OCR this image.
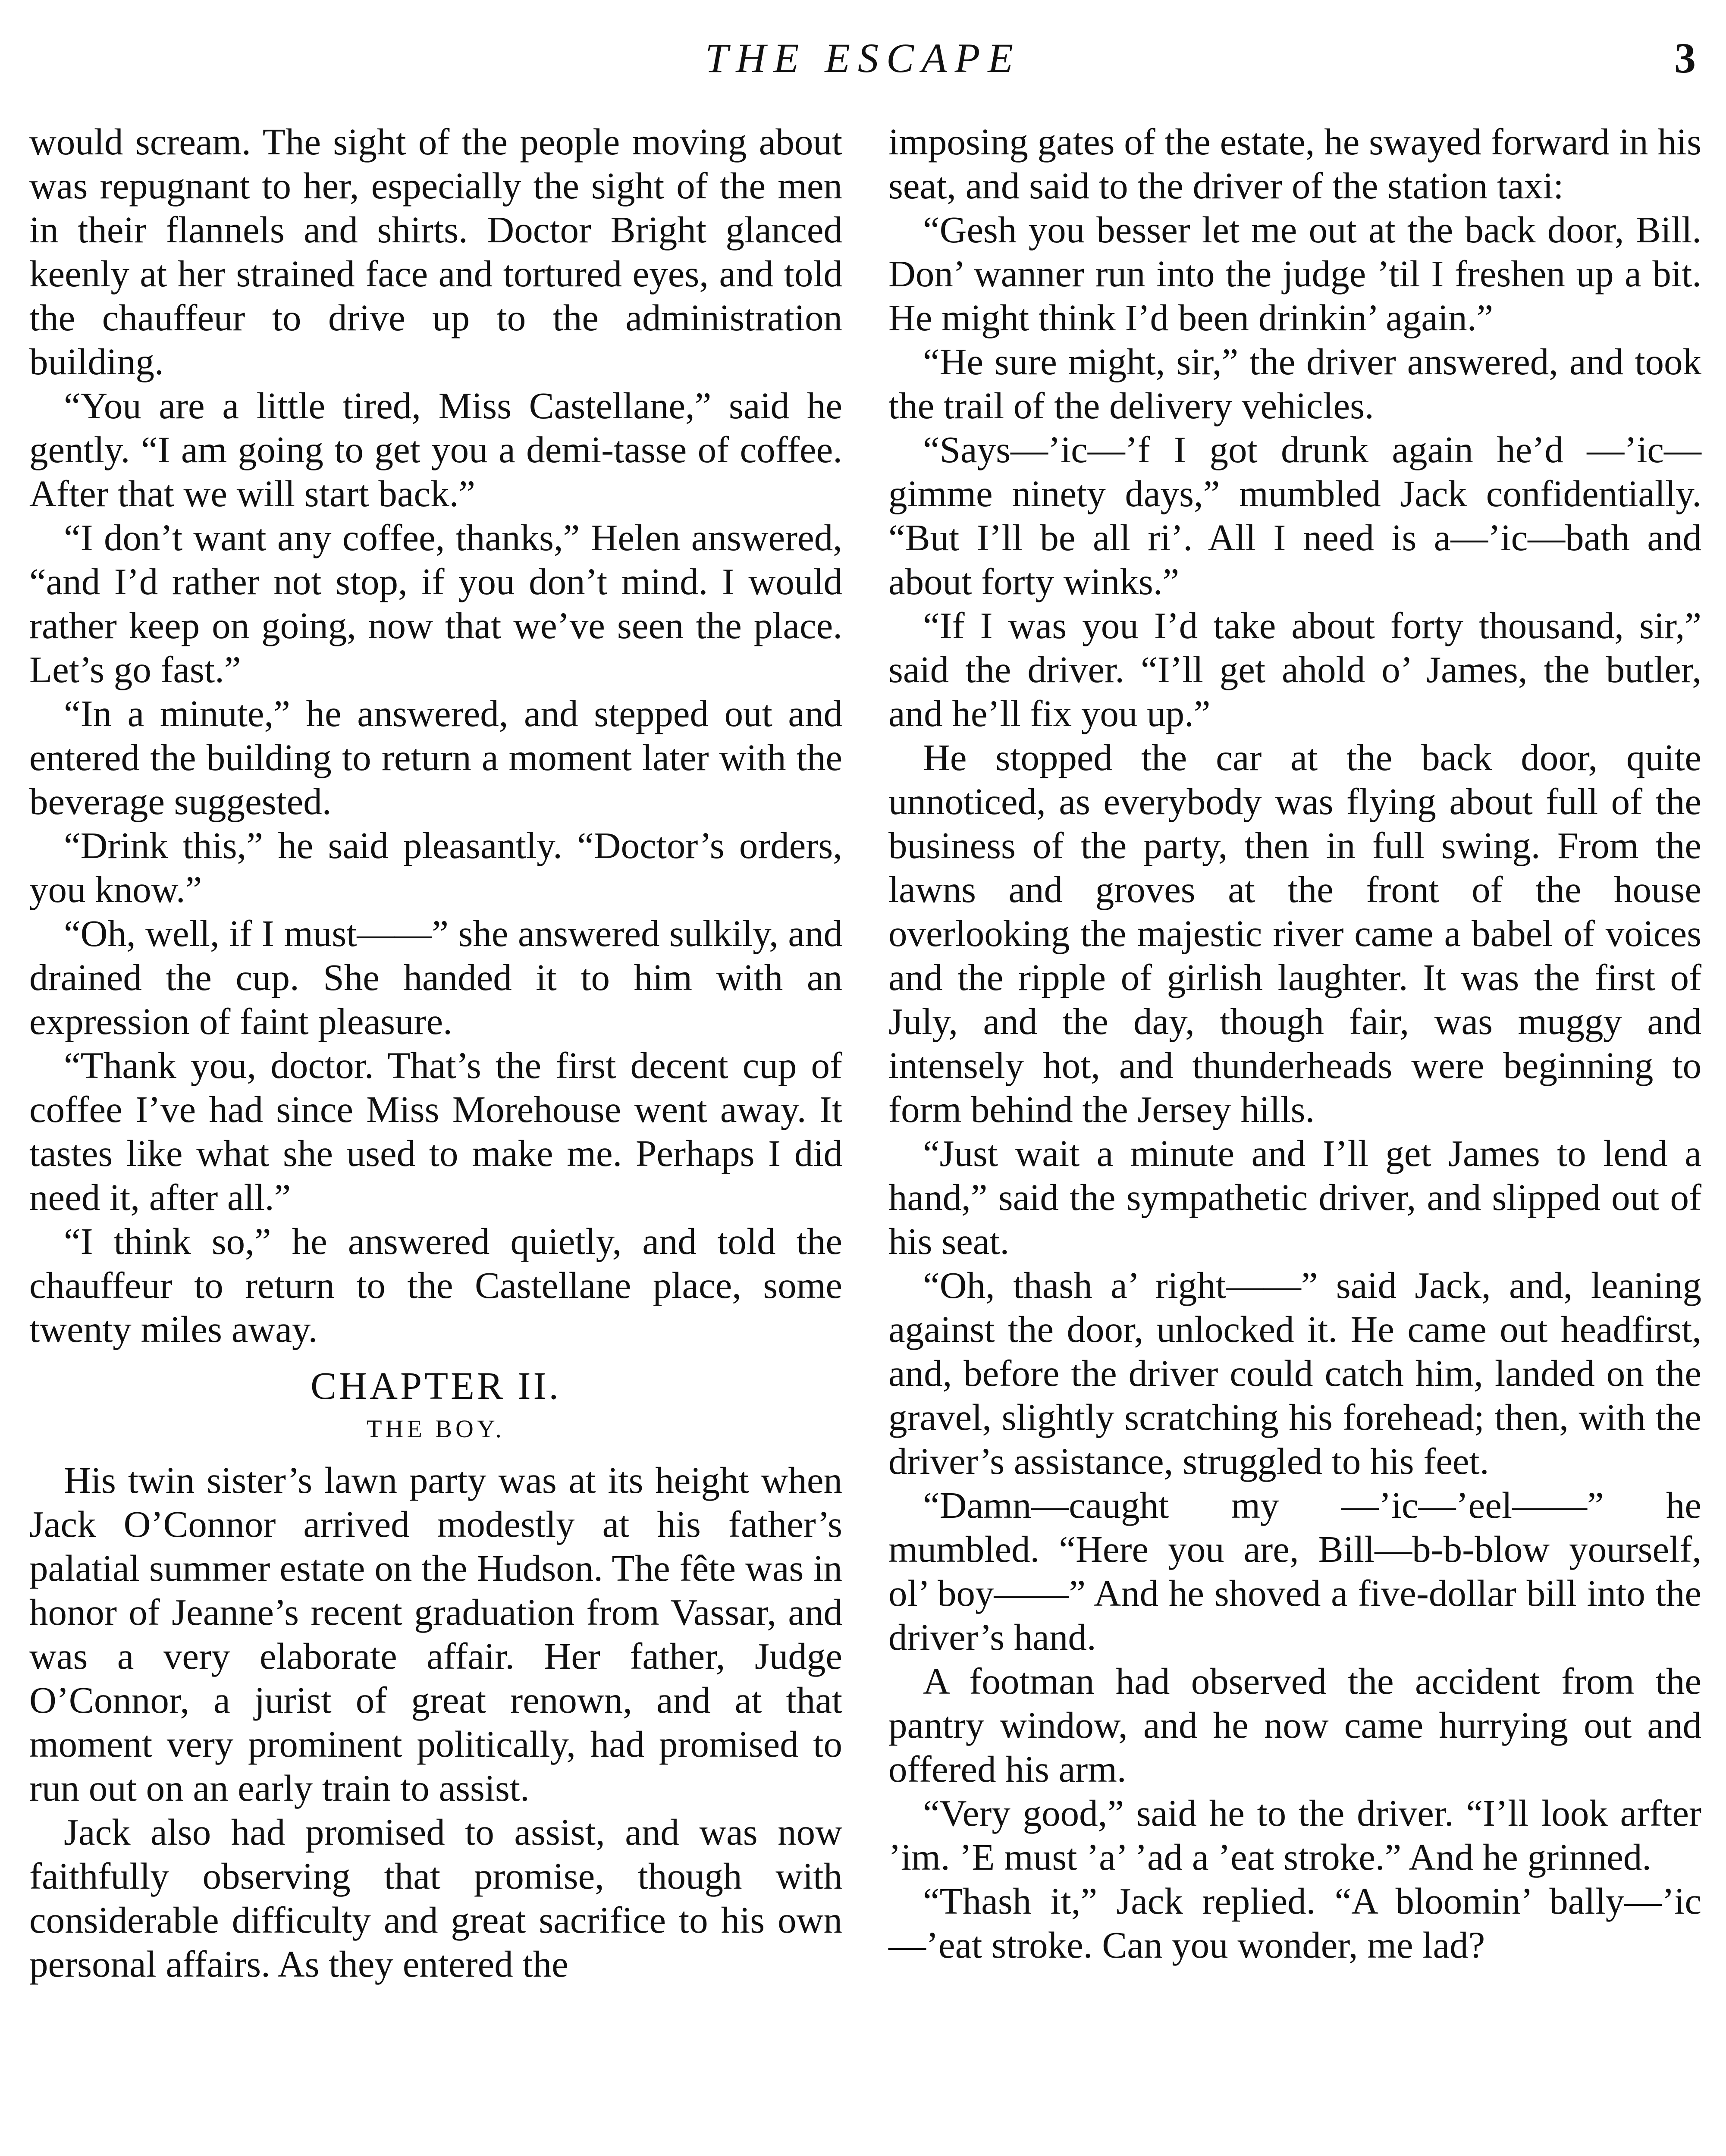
THE ESCAPE	3

would scream. The sight of the people moving about was repugnant to her, especially the sight of the men in their flannels and shirts. Doctor Bright glanced keenly at her strained face and tortured eyes, and told the chauffeur to drive up to the administration building.

“You are a little tired, Miss Castellane,” said he gently. “I am going to get you a demi-tasse of coffee. After that we will start back.”

“I don’t want any coffee, thanks,” Helen answered, “and I’d rather not stop, if you don’t mind. I would rather keep on going, now that we’ve seen the place. Let’s go fast.”

“In a minute,” he answered, and stepped out and entered the building to return a moment later with the beverage suggested.

“Drink this,” he said pleasantly. “Doctor’s orders, you know.”

“Oh, well, if I must——” she answered sulkily, and drained the cup. She handed it to him with an expression of faint pleasure.

“Thank you, doctor. That’s the first decent cup of coffee I’ve had since Miss Morehouse went away. It tastes like what she used to make me. Perhaps I did need it, after all.”

“I think so,” he answered quietly, and told the chauffeur to return to the Castellane place, some twenty miles away.

CHAPTER II.
THE BOY.

His twin sister’s lawn party was at its height when Jack O’Connor arrived modestly at his father’s palatial summer estate on the Hudson. The fête was in honor of Jeanne’s recent graduation from Vassar, and was a very elaborate affair. Her father, Judge O’Connor, a jurist of great renown, and at that moment very prominent politically, had promised to run out on an early train to assist.

Jack also had promised to assist, and was now faithfully observing that promise, though with considerable difficulty and great sacrifice to his own personal affairs. As they entered the

imposing gates of the estate, he swayed forward in his seat, and said to the driver of the station taxi:

“Gesh you besser let me out at the back door, Bill. Don’ wanner run into the judge ’til I freshen up a bit. He might think I’d been drinkin’ again.”

“He sure might, sir,” the driver answered, and took the trail of the delivery vehicles.

“Says—’ic—’f I got drunk again he’d —’ic—gimme ninety days,” mumbled Jack confidentially. “But I’ll be all ri’. All I need is a—’ic—bath and about forty winks.”

“If I was you I’d take about forty thousand, sir,” said the driver. “I’ll get ahold o’ James, the butler, and he’ll fix you up.”

He stopped the car at the back door, quite unnoticed, as everybody was flying about full of the business of the party, then in full swing. From the lawns and groves at the front of the house overlooking the majestic river came a babel of voices and the ripple of girlish laughter. It was the first of July, and the day, though fair, was muggy and intensely hot, and thunderheads were beginning to form behind the Jersey hills.

“Just wait a minute and I’ll get James to lend a hand,” said the sympathetic driver, and slipped out of his seat.

“Oh, thash a’ right——” said Jack, and, leaning against the door, unlocked it. He came out headfirst, and, before the driver could catch him, landed on the gravel, slightly scratching his forehead; then, with the driver’s assistance, struggled to his feet.

“Damn—caught my —’ic—’eel——” he mumbled. “Here you are, Bill—b-b-blow yourself, ol’ boy——” And he shoved a five-dollar bill into the driver’s hand.

A footman had observed the accident from the pantry window, and he now came hurrying out and offered his arm.

“Very good,” said he to the driver. “I’ll look arfter ’im. ’E must ’a’ ’ad a ’eat stroke.” And he grinned.

“Thash it,” Jack replied. “A bloomin’ bally—’ic—’eat stroke. Can you wonder, me lad?
